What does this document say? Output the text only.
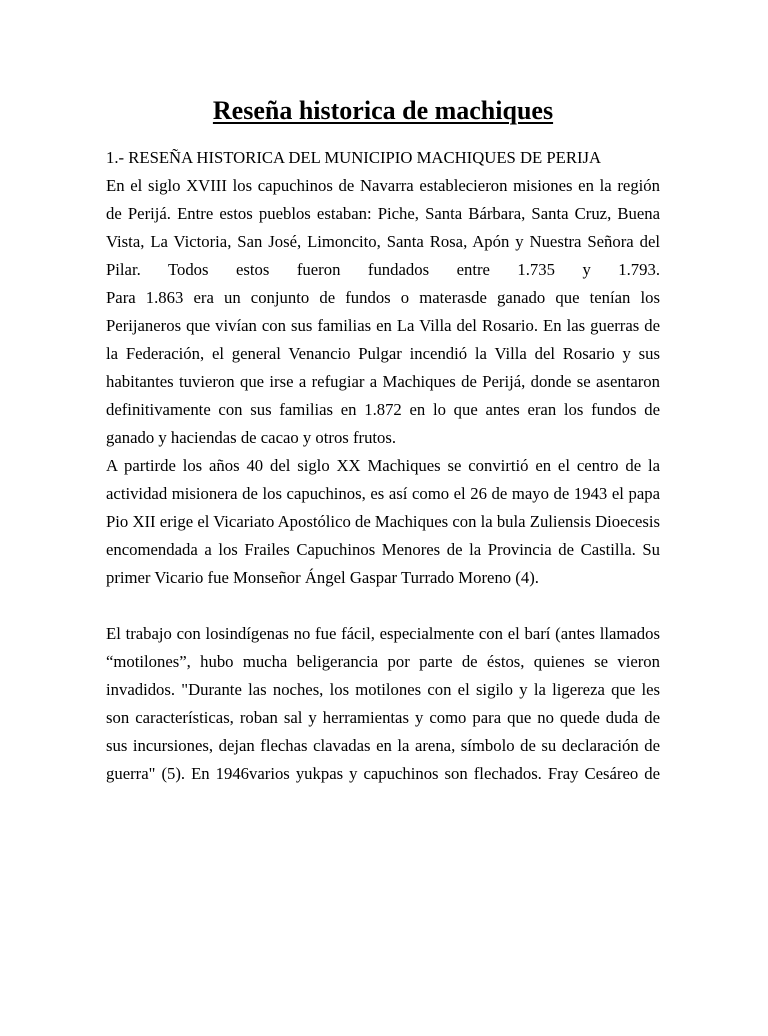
Reseña historica de machiques

1.- RESEÑA HISTORICA DEL MUNICIPIO MACHIQUES DE PERIJA

En el siglo XVIII los capuchinos de Navarra establecieron misiones en la región de Perijá. Entre estos pueblos estaban: Piche, Santa Bárbara, Santa Cruz, Buena Vista, La Victoria, San José, Limoncito, Santa Rosa, Apón y Nuestra Señora del Pilar. Todos estos fueron fundados entre 1.735 y 1.793.

Para 1.863 era un conjunto de fundos o materasde ganado que tenían los Perijaneros que vivían con sus familias en La Villa del Rosario. En las guerras de la Federación, el general Venancio Pulgar incendió la Villa del Rosario y sus habitantes tuvieron que irse a refugiar a Machiques de Perijá, donde se asentaron definitivamente con sus familias en 1.872 en lo que antes eran los fundos de ganado y haciendas de cacao y otros frutos.

A partirde los años 40 del siglo XX Machiques se convirtió en el centro de la actividad misionera de los capuchinos, es así como el 26 de mayo de 1943 el papa Pio XII erige el Vicariato Apostólico de Machiques con la bula Zuliensis Dioecesis encomendada a los Frailes Capuchinos Menores de la Provincia de Castilla. Su primer Vicario fue Monseñor Ángel Gaspar Turrado Moreno (4).

El trabajo con losindígenas no fue fácil, especialmente con el barí (antes llamados “motilones”, hubo mucha beligerancia por parte de éstos, quienes se vieron invadidos. "Durante las noches, los motilones con el sigilo y la ligereza que les son características, roban sal y herramientas y como para que no quede duda de sus incursiones, dejan flechas clavadas en la arena, símbolo de su declaración de guerra" (5). En 1946varios yukpas y capuchinos son flechados. Fray Cesáreo de
